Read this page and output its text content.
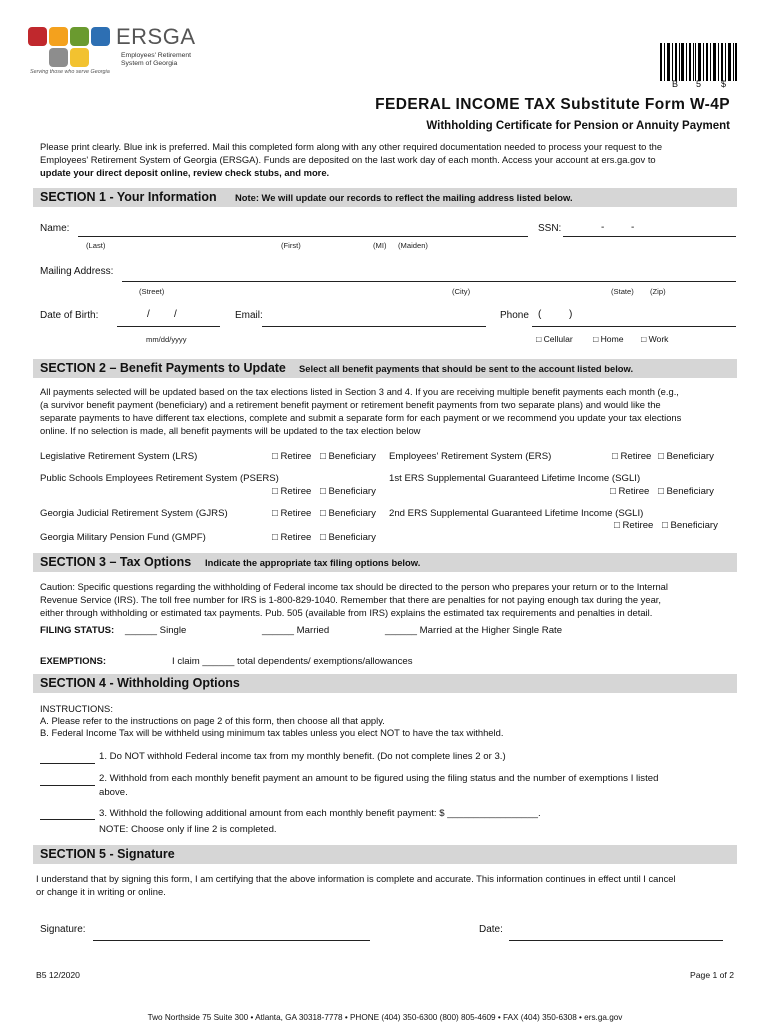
ERSGA
Employees' Retirement
System of Georgia
Serving those who serve Georgia
B 5 $
FEDERAL INCOME TAX Substitute Form W-4P
Withholding Certificate for Pension or Annuity Payment
Please print clearly. Blue ink is preferred. Mail this completed form along with any other required documentation needed to process your request to the
Employees' Retirement System of Georgia (ERSGA). Funds are deposited on the last work day of each month. Access your account at ers.ga.gov to
update your direct deposit online, review check stubs, and more.
SECTION 1 - Your Information Note: We will update our records to reflect the mailing address listed below.
Name:	SSN:	-	-
(Last)	(First)	(MI) (Maiden)
Mailing Address:
(Street)	(City)	(State) (Zip)
Date of Birth:	/ /
mm/dd/yyyy
Email:	Phone (	)
□ Cellular □ Home □ Work
SECTION 2 – Benefit Payments to Update Select all benefit payments that should be sent to the account listed below.
All payments selected will be updated based on the tax elections listed in Section 3 and 4. If you are receiving multiple benefit payments each month (e.g.,
(a survivor benefit payment (beneficiary) and a retirement benefit payment or retirement benefit payments from two separate plans) and would like the
separate payments to have different tax elections, complete and submit a separate form for each payment or we recommend you update your tax elections
online. If no selection is made, all benefit payments will be updated to the tax election below
Legislative Retirement System (LRS)	□ Retiree □ Beneficiary Employees' Retirement System (ERS)	□ Retiree □ Beneficiary
Public Schools Employees Retirement System (PSERS)
□ Retiree □ Beneficiary
1st ERS Supplemental Guaranteed Lifetime Income (SGLI)
□ Retiree □ Beneficiary
Georgia Judicial Retirement System (GJRS)	□ Retiree □ Beneficiary 2nd ERS Supplemental Guaranteed Lifetime Income (SGLI)
□ Retiree □ Beneficiary
Georgia Military Pension Fund (GMPF)	□ Retiree □ Beneficiary
SECTION 3 – Tax Options Indicate the appropriate tax filing options below.
Caution: Specific questions regarding the withholding of Federal income tax should be directed to the person who prepares your return or to the Internal
Revenue Service (IRS). The toll free number for IRS is 1-800-829-1040. Remember that there are penalties for not paying enough tax during the year,
either through withholding or estimated tax payments. Pub. 505 (available from IRS) explains the estimated tax requirements and penalties in detail.
FILING STATUS: ______ Single	______ Married	______ Married at the Higher Single Rate
EXEMPTIONS:	I claim ______ total dependents/ exemptions/allowances
SECTION 4 - Withholding Options
INSTRUCTIONS:
A. Please refer to the instructions on page 2 of this form, then choose all that apply.
B. Federal Income Tax will be withheld using minimum tax tables unless you elect NOT to have the tax withheld.
1. Do NOT withhold Federal income tax from my monthly benefit. (Do not complete lines 2 or 3.)
2. Withhold from each monthly benefit payment an amount to be figured using the filing status and the number of exemptions I listed
above.
3. Withhold the following additional amount from each monthly benefit payment: $ _________________.
NOTE: Choose only if line 2 is completed.
SECTION 5 - Signature
I understand that by signing this form, I am certifying that the above information is complete and accurate. This information continues in effect until I cancel
or change it in writing or online.
Signature:	Date:
B5 12/2020	Page 1 of 2
Two Northside 75 Suite 300 • Atlanta, GA 30318-7778 • PHONE (404) 350-6300 (800) 805-4609 • FAX (404) 350-6308 • ers.ga.gov
